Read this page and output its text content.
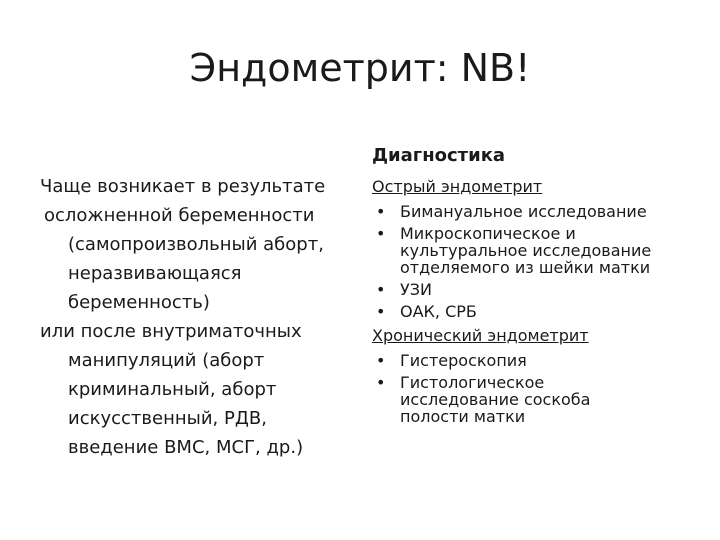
Эндометрит: NB!

Чаще возникает в результате
осложненной беременности
(самопроизвольный аборт,
неразвивающаяся
беременность)

или после внутриматочных
манипуляций (аборт
криминальный, аборт
искусственный, РДВ,
введение ВМС, МСГ, др.)

Диагностика
Острый эндометрит
• Бимануальное исследование
• Микроскопическое и
культуральное исследование
отделяемого из шейки матки
• УЗИ
• ОАК, СРБ
Хронический эндометрит
• Гистероскопия
• Гистологическое
исследование соскоба
полости матки
